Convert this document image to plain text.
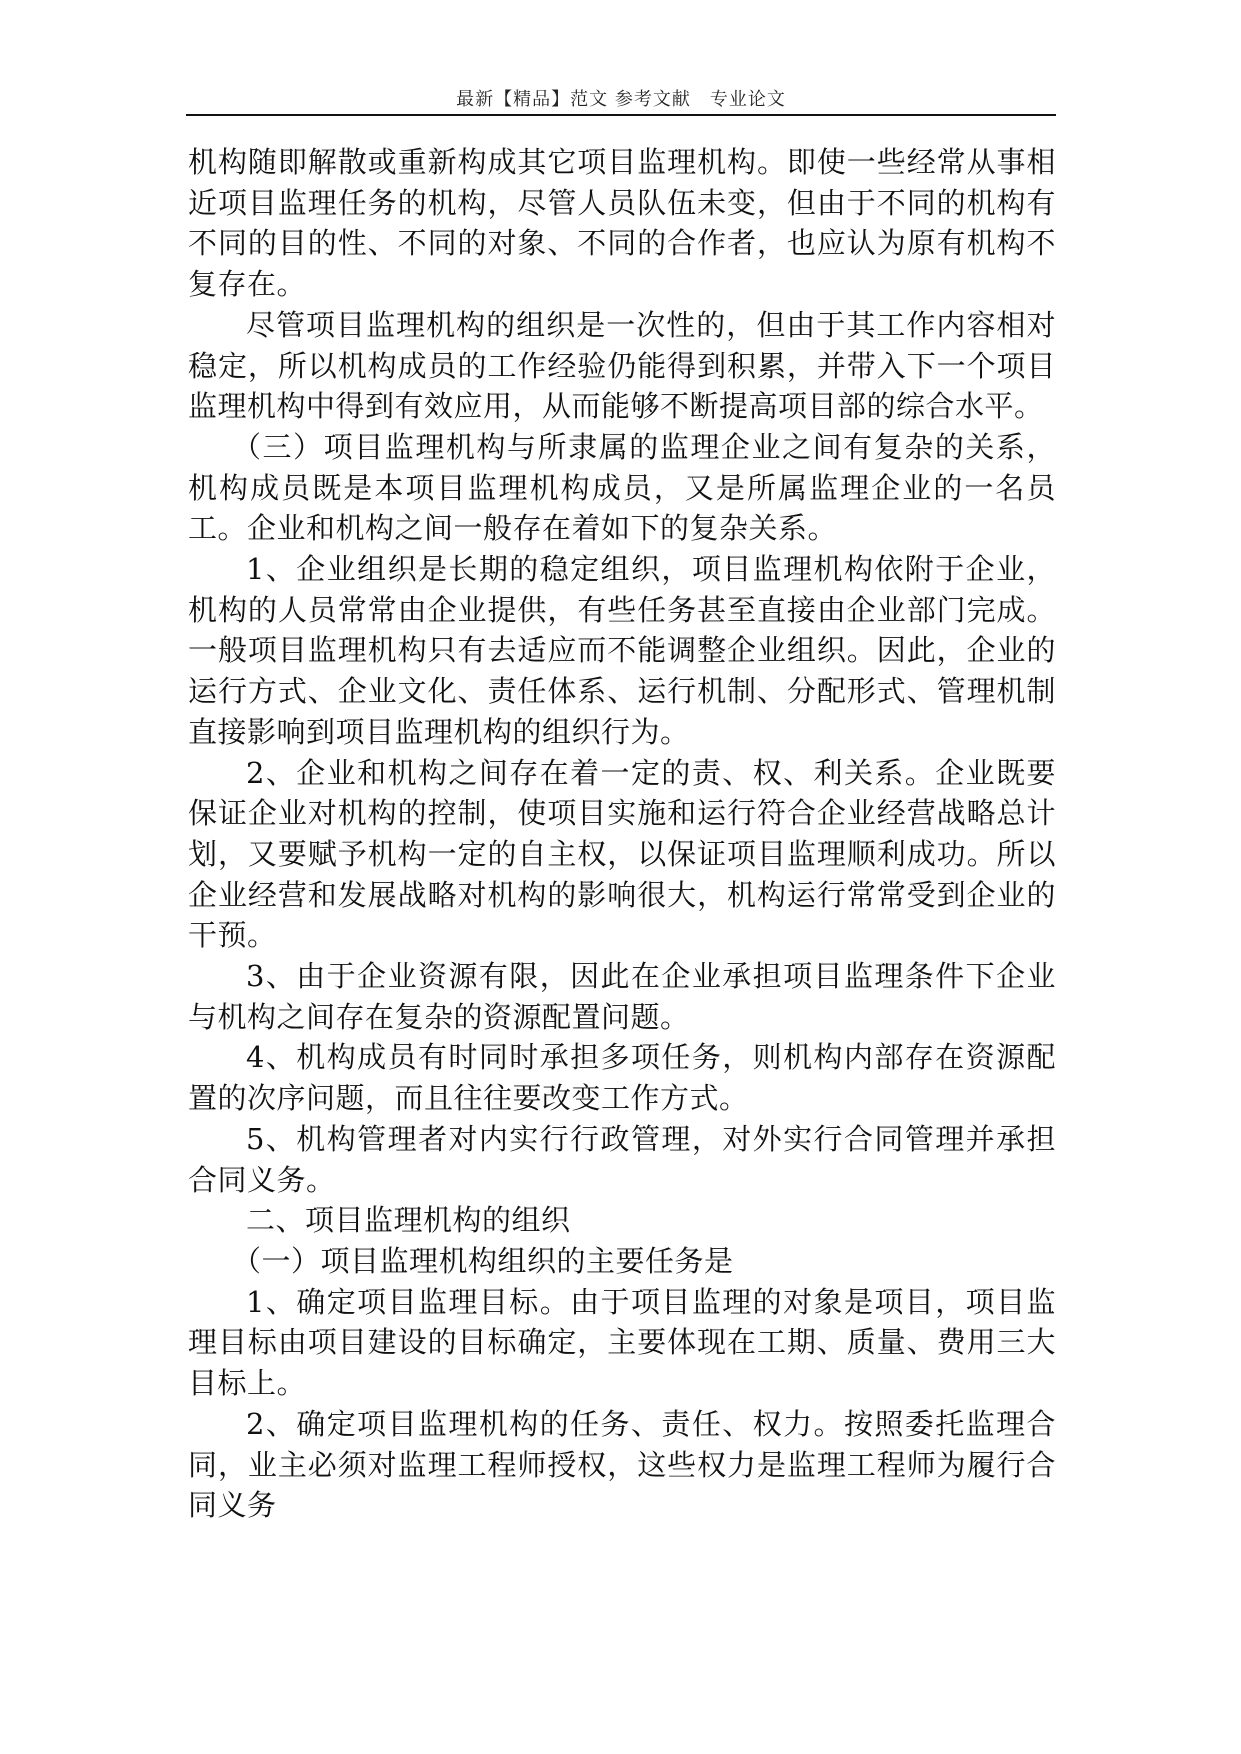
最新【精品】范文 参考文献　专业论文

机构随即解散或重新构成其它项目监理机构。即使一些经常从事相近项目监理任务的机构，尽管人员队伍未变，但由于不同的机构有不同的目的性、不同的对象、不同的合作者，也应认为原有机构不复存在。

尽管项目监理机构的组织是一次性的，但由于其工作内容相对稳定，所以机构成员的工作经验仍能得到积累，并带入下一个项目监理机构中得到有效应用，从而能够不断提高项目部的综合水平。

（三）项目监理机构与所隶属的监理企业之间有复杂的关系，机构成员既是本项目监理机构成员，又是所属监理企业的一名员工。企业和机构之间一般存在着如下的复杂关系。

1、企业组织是长期的稳定组织，项目监理机构依附于企业，机构的人员常常由企业提供，有些任务甚至直接由企业部门完成。一般项目监理机构只有去适应而不能调整企业组织。因此，企业的运行方式、企业文化、责任体系、运行机制、分配形式、管理机制直接影响到项目监理机构的组织行为。

2、企业和机构之间存在着一定的责、权、利关系。企业既要保证企业对机构的控制，使项目实施和运行符合企业经营战略总计划，又要赋予机构一定的自主权，以保证项目监理顺利成功。所以企业经营和发展战略对机构的影响很大，机构运行常常受到企业的干预。

3、由于企业资源有限，因此在企业承担项目监理条件下企业与机构之间存在复杂的资源配置问题。

4、机构成员有时同时承担多项任务，则机构内部存在资源配置的次序问题，而且往往要改变工作方式。

5、机构管理者对内实行行政管理，对外实行合同管理并承担合同义务。

二、项目监理机构的组织

（一）项目监理机构组织的主要任务是

1、确定项目监理目标。由于项目监理的对象是项目，项目监理目标由项目建设的目标确定，主要体现在工期、质量、费用三大目标上。

2、确定项目监理机构的任务、责任、权力。按照委托监理合同，业主必须对监理工程师授权，这些权力是监理工程师为履行合同义务
